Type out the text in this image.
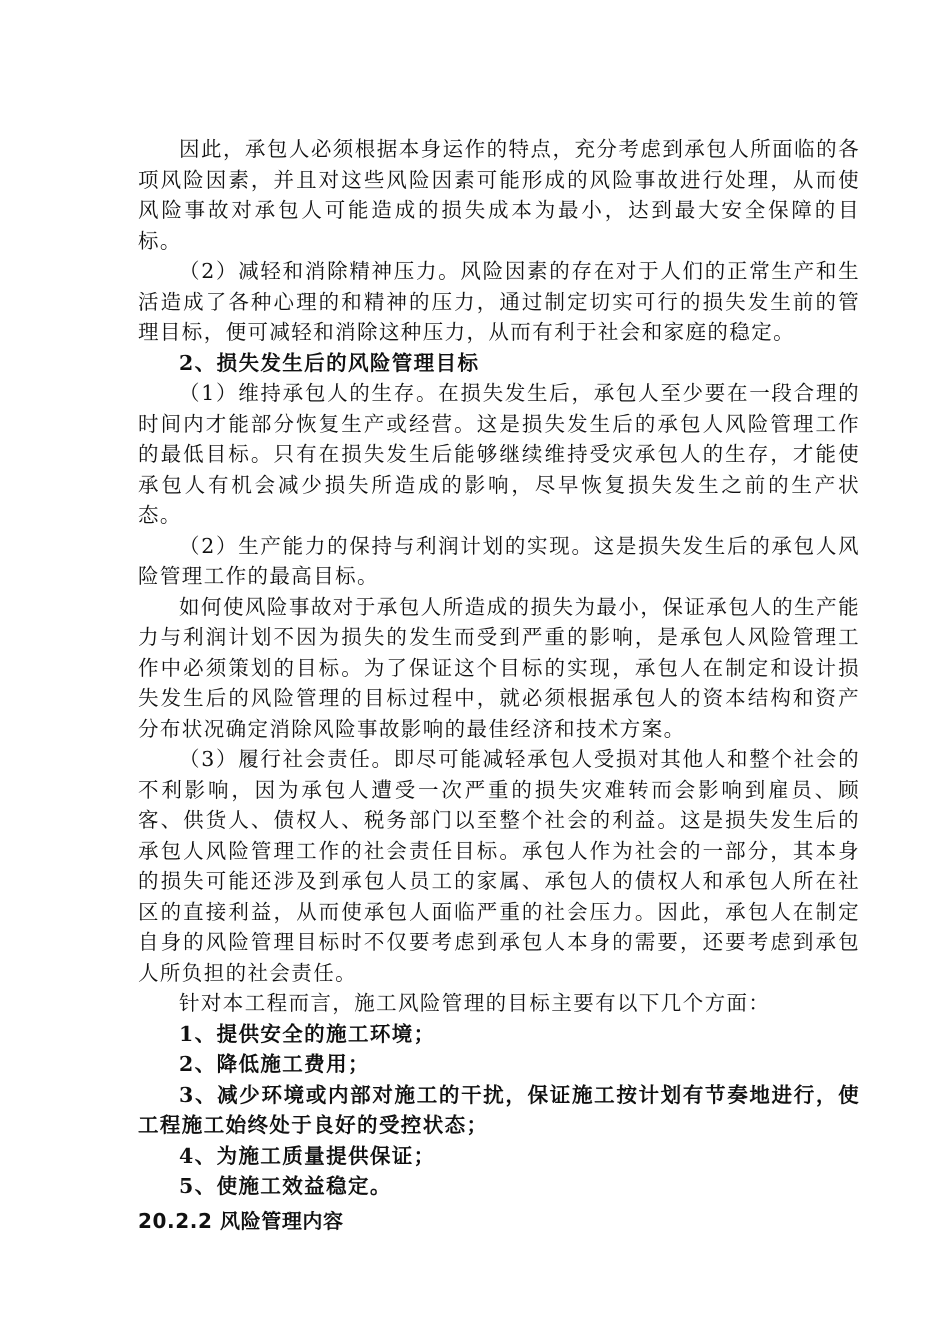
因此，承包人必须根据本身运作的特点，充分考虑到承包人所面临的各项风险因素，并且对这些风险因素可能形成的风险事故进行处理，从而使风险事故对承包人可能造成的损失成本为最小，达到最大安全保障的目标。

（2）减轻和消除精神压力。风险因素的存在对于人们的正常生产和生活造成了各种心理的和精神的压力，通过制定切实可行的损失发生前的管理目标，便可减轻和消除这种压力，从而有利于社会和家庭的稳定。

2、损失发生后的风险管理目标

（1）维持承包人的生存。在损失发生后，承包人至少要在一段合理的时间内才能部分恢复生产或经营。这是损失发生后的承包人风险管理工作的最低目标。只有在损失发生后能够继续维持受灾承包人的生存，才能使承包人有机会减少损失所造成的影响，尽早恢复损失发生之前的生产状态。

（2）生产能力的保持与利润计划的实现。这是损失发生后的承包人风险管理工作的最高目标。

如何使风险事故对于承包人所造成的损失为最小，保证承包人的生产能力与利润计划不因为损失的发生而受到严重的影响，是承包人风险管理工作中必须策划的目标。为了保证这个目标的实现，承包人在制定和设计损失发生后的风险管理的目标过程中，就必须根据承包人的资本结构和资产分布状况确定消除风险事故影响的最佳经济和技术方案。

（3）履行社会责任。即尽可能减轻承包人受损对其他人和整个社会的不利影响，因为承包人遭受一次严重的损失灾难转而会影响到雇员、顾客、供货人、债权人、税务部门以至整个社会的利益。这是损失发生后的承包人风险管理工作的社会责任目标。承包人作为社会的一部分，其本身的损失可能还涉及到承包人员工的家属、承包人的债权人和承包人所在社区的直接利益，从而使承包人面临严重的社会压力。因此，承包人在制定自身的风险管理目标时不仅要考虑到承包人本身的需要，还要考虑到承包人所负担的社会责任。

针对本工程而言，施工风险管理的目标主要有以下几个方面：

1、提供安全的施工环境；

2、降低施工费用；

3、减少环境或内部对施工的干扰，保证施工按计划有节奏地进行，使工程施工始终处于良好的受控状态；

4、为施工质量提供保证；

5、使施工效益稳定。

20.2.2 风险管理内容
